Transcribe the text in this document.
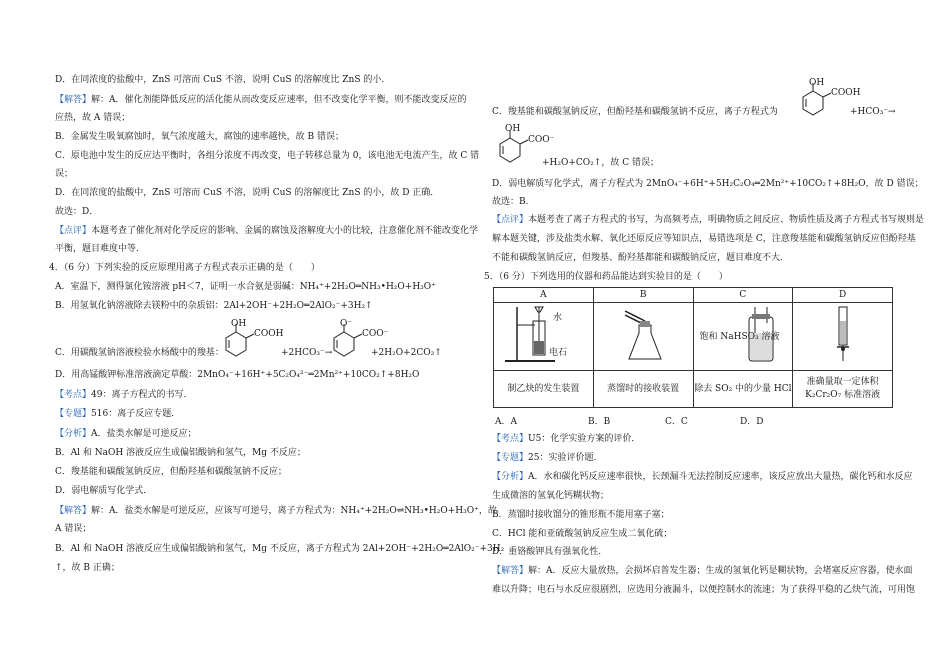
D．在同浓度的盐酸中，ZnS 可溶而 CuS 不溶，说明 CuS 的溶解度比 ZnS 的小．
【解答】解：A．催化剂能降低反应的活化能从而改变反应速率，但不改变化学平衡，则不能改变反应的
应热，故 A 错误；
B．金属发生吸氧腐蚀时，氧气浓度越大，腐蚀的速率越快，故 B 错误；
C．原电池中发生的反应达平衡时，各组分浓度不再改变，电子转移总量为 0，该电池无电流产生，故 C 错
误；
D．在同浓度的盐酸中，ZnS 可溶而 CuS 不溶，说明 CuS 的溶解度比 ZnS 的小，故 D 正确．
故选：D．
【点评】本题考查了催化剂对化学反应的影响、金属的腐蚀及溶解度大小的比较，注意催化剂不能改变化学
平衡，题目难度中等．
4．（6 分）下列实验的反应原理用离子方程式表示正确的是（　　）
A．室温下，测得氯化铵溶液 pH＜7，证明一水合氨是弱碱：NH₄⁺+2H₂O═NH₃•H₂O+H₃O⁺
B．用氢氧化钠溶液除去镁粉中的杂质铝：2Al+2OH⁻+2H₂O═2AlO₂⁻+3H₂↑
C．用碳酸氢钠溶液检验水杨酸中的羧基：
OH
COOH
+2HCO₃⁻→
O⁻
COO⁻
+2H₂O+2CO₂↑
D．用高锰酸钾标准溶液滴定草酸：2MnO₄⁻+16H⁺+5C₂O₄²⁻═2Mn²⁺+10CO₂↑+8H₂O
【考点】49：离子方程式的书写．
【专题】516：离子反应专题．
【分析】A．盐类水解是可逆反应；
B．Al 和 NaOH 溶液反应生成偏铝酸钠和氢气，Mg 不反应；
C．羧基能和碳酸氢钠反应，但酚羟基和碳酸氢钠不反应；
D．弱电解质写化学式．
【解答】解：A．盐类水解是可逆反应，应该写可逆号，离子方程式为：NH₄⁺+2H₂O⇌NH₃•H₂O+H₃O⁺，故
A 错误；
B．Al 和 NaOH 溶液反应生成偏铝酸钠和氢气，Mg 不反应，离子方程式为 2Al+2OH⁻+2H₂O═2AlO₂⁻+3H₂
↑，故 B 正确；
OH
COOH
C．羧基能和碳酸氢钠反应，但酚羟基和碳酸氢钠不反应，离子方程式为	+HCO₃⁻→
OH
COO⁻
+H₂O+CO₂↑，故 C 错误；
D．弱电解质写化学式，离子方程式为 2MnO₄⁻+6H⁺+5H₂C₂O₄═2Mn²⁺+10CO₂↑+8H₂O，故 D 错误；
故选：B．
【点评】本题考查了离子方程式的书写，为高频考点，明确物质之间反应、物质性质及离子方程式书写规则是
解本题关键，涉及盐类水解、氧化还原反应等知识点，易错选项是 C，注意羧基能和碳酸氢钠反应但酚羟基
不能和碳酸氢钠反应，但羧基、酚羟基都能和碳酸钠反应，题目难度不大．
5．（6 分）下列选用的仪器和药品能达到实验目的是（　　）
A	B	C	D

水
电石		饱和 NaHSO₃ 溶液

制乙炔的发生装置	蒸馏时的接收装置	除去 SO₂ 中的少量 HCl	准确量取一定体积
K₂Cr₂O₇ 标准溶液
A．A	B．B	C．C	D．D
【考点】U5：化学实验方案的评价．
【专题】25：实验评价题．
【分析】A．水和碳化钙反应速率很快，长颈漏斗无法控制反应速率，该反应放出大量热，碳化钙和水反应
生成微溶的氢氧化钙糊状物；
B．蒸馏时接收馏分的锥形瓶不能用塞子塞；
C．HCl 能和亚硫酸氢钠反应生成二氧化硫；
D．重铬酸钾具有强氧化性．
【解答】解：A．反应大量放热，会损坏启普发生器；生成的氢氧化钙是糊状物，会堵塞反应容器，使水面
难以升降；电石与水反应很剧烈，应选用分液漏斗，以便控制水的流速；为了获得平稳的乙炔气流，可用饱
